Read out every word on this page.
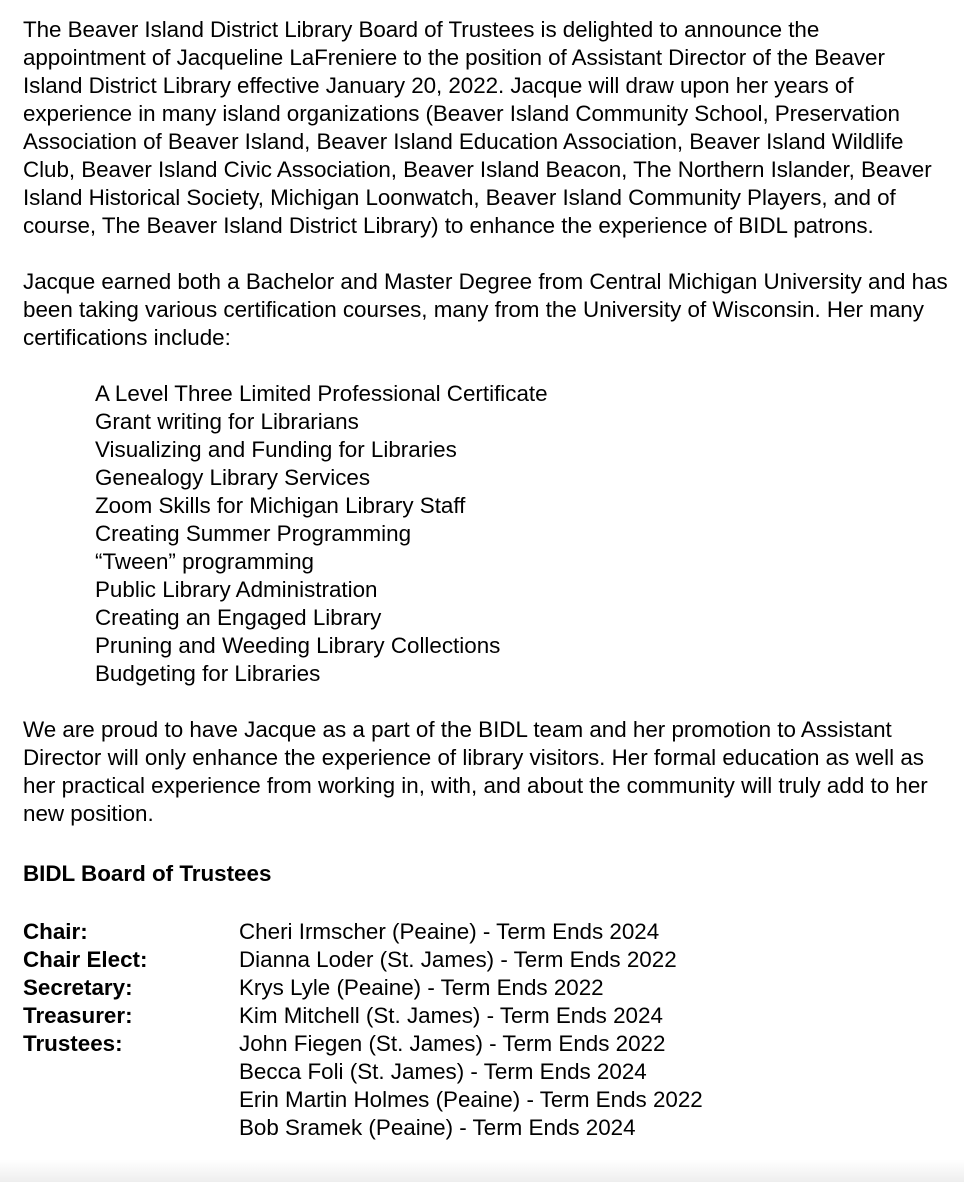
The Beaver Island District Library Board of Trustees is delighted to announce the appointment of Jacqueline LaFreniere to the position of Assistant Director of the Beaver Island District Library effective January 20, 2022. Jacque will draw upon her years of experience in many island organizations (Beaver Island Community School, Preservation Association of Beaver Island, Beaver Island Education Association, Beaver Island Wildlife Club, Beaver Island Civic Association, Beaver Island Beacon, The Northern Islander, Beaver Island Historical Society, Michigan Loonwatch, Beaver Island Community Players, and of course, The Beaver Island District Library) to enhance the experience of BIDL patrons.

Jacque earned both a Bachelor and Master Degree from Central Michigan University and has been taking various certification courses, many from the University of Wisconsin. Her many certifications include:

A Level Three Limited Professional Certificate
Grant writing for Librarians
Visualizing and Funding for Libraries
Genealogy Library Services
Zoom Skills for Michigan Library Staff
Creating Summer Programming
“Tween” programming
Public Library Administration
Creating an Engaged Library
Pruning and Weeding Library Collections
Budgeting for Libraries

We are proud to have Jacque as a part of the BIDL team and her promotion to Assistant Director will only enhance the experience of library visitors. Her formal education as well as her practical experience from working in, with, and about the community will truly add to her new position.

BIDL Board of Trustees

Chair:	Cheri Irmscher (Peaine) - Term Ends 2024
Chair Elect:	Dianna Loder (St. James) - Term Ends 2022
Secretary:	Krys Lyle (Peaine) - Term Ends 2022
Treasurer:	Kim Mitchell (St. James) - Term Ends 2024
Trustees:	John Fiegen (St. James) - Term Ends 2022
Becca Foli (St. James) - Term Ends 2024
Erin Martin Holmes (Peaine) - Term Ends 2022
Bob Sramek (Peaine) - Term Ends 2024
